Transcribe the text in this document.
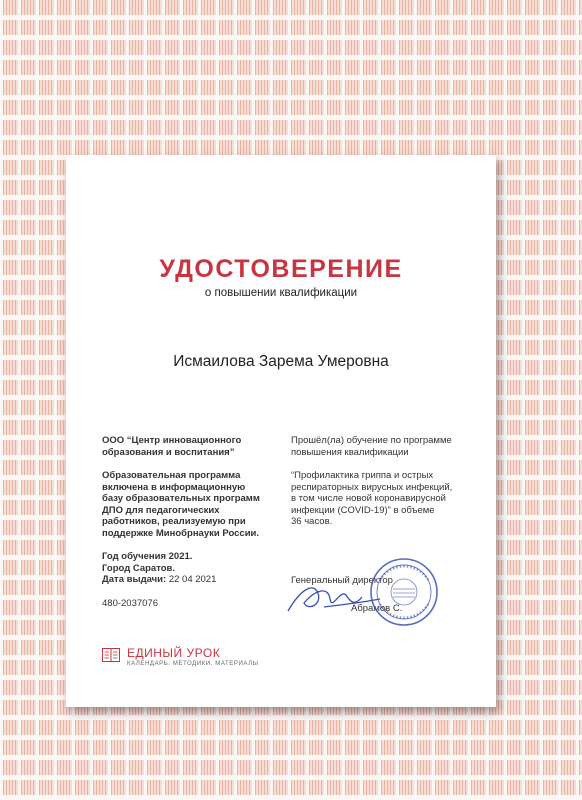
УДОСТОВЕРЕНИЕ
о повышении квалификации
Исмаилова Зарема Умеровна
ООО “Центр инновационного
образования и воспитания”
Образовательная программа
включена в информационную
базу образовательных программ
ДПО для педагогических
работников, реализуемую при
поддержке Минобрнауки России.
Год обучения 2021.
Город Саратов.
Дата выдачи: 22 04 2021
480-2037076
Прошёл(ла) обучение по программе
повышения квалификации
“Профилактика гриппа и острых
респираторных вирусных инфекций,
в том числе новой коронавирусной
инфекции (COVID-19)” в объеме
36 часов.
Генеральный директор
Абрамов С.
ЕДИНЫЙ УРОК
КАЛЕНДАРЬ. МЕТОДИКИ. МАТЕРИАЛЫ
